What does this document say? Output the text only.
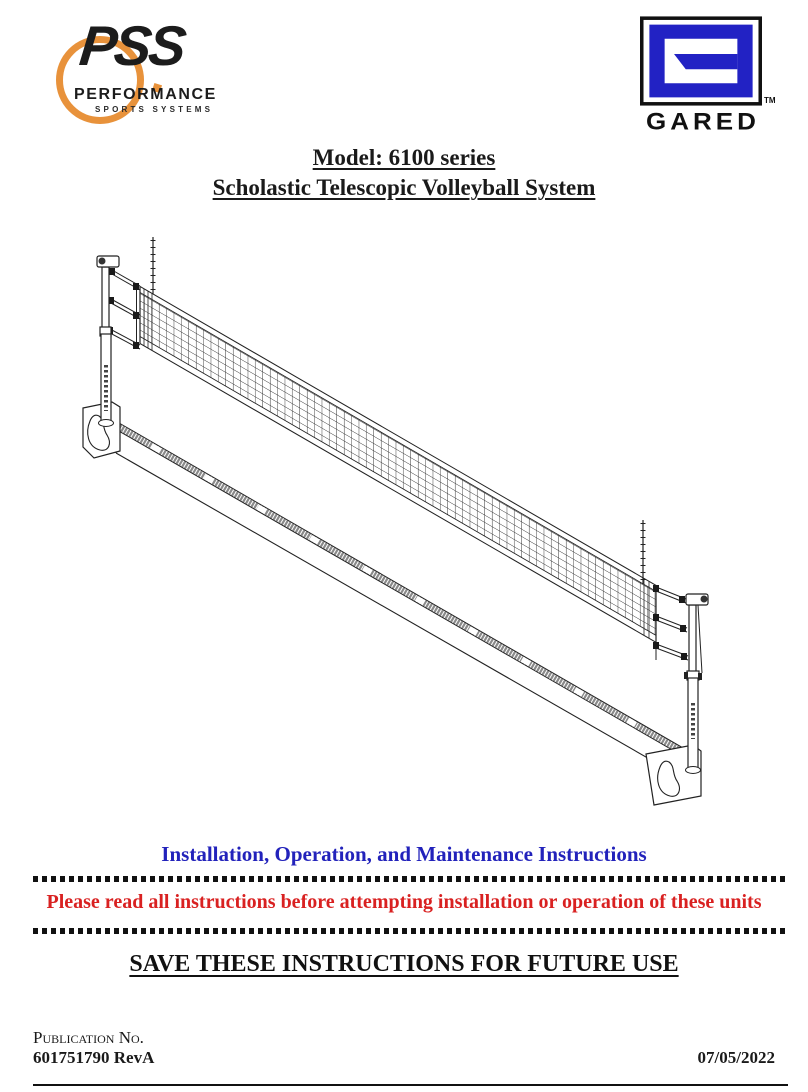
PSS
PERFORMANCE
SPORTS SYSTEMS
TM
GARED
Model: 6100 series
Scholastic Telescopic Volleyball System
Installation, Operation, and Maintenance Instructions
Please read all instructions before attempting installation or operation of these units
SAVE THESE INSTRUCTIONS FOR FUTURE USE
Publication No.
601751790 RevA	07/05/2022
